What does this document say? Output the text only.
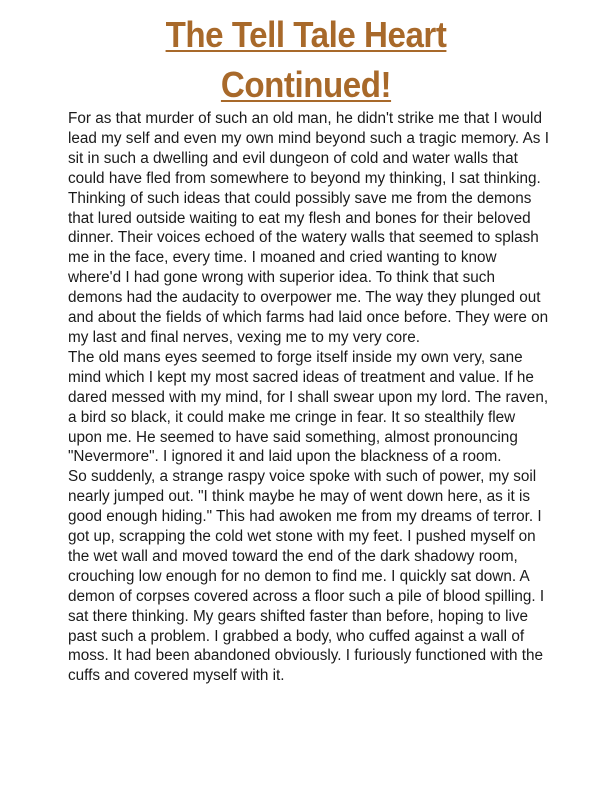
The Tell Tale Heart
Continued!

For as that murder of such an old man, he didn't strike me that I would lead my self and even my own mind beyond such a tragic memory. As I sit in such a dwelling and evil dungeon of cold and water walls that could have fled from somewhere to beyond my thinking, I sat thinking. Thinking of such ideas that could possibly save me from the demons that lured outside waiting to eat my flesh and bones for their beloved dinner. Their voices echoed of the watery walls that seemed to splash me in the face, every time. I moaned and cried wanting to know where'd I had gone wrong with superior idea. To think that such demons had the audacity to overpower me. The way they plunged out and about the fields of which farms had laid once before. They were on my last and final nerves, vexing me to my very core.

The old mans eyes seemed to forge itself inside my own very, sane mind which I kept my most sacred ideas of treatment and value. If he dared messed with my mind, for I shall swear upon my lord. The raven, a bird so black, it could make me cringe in fear. It so stealthily flew upon me. He seemed to have said something, almost pronouncing "Nevermore". I ignored it and laid upon the blackness of a room.

So suddenly, a strange raspy voice spoke with such of power, my soil nearly jumped out. "I think maybe he may of went down here, as it is good enough hiding." This had awoken me from my dreams of terror. I got up, scrapping the cold wet stone with my feet. I pushed myself on the wet wall and moved toward the end of the dark shadowy room, crouching low enough for no demon to find me. I quickly sat down. A demon of corpses covered across a floor such a pile of blood spilling. I sat there thinking. My gears shifted faster than before, hoping to live past such a problem. I grabbed a body, who cuffed against a wall of moss. It had been abandoned obviously. I furiously functioned with the cuffs and covered myself with it.
